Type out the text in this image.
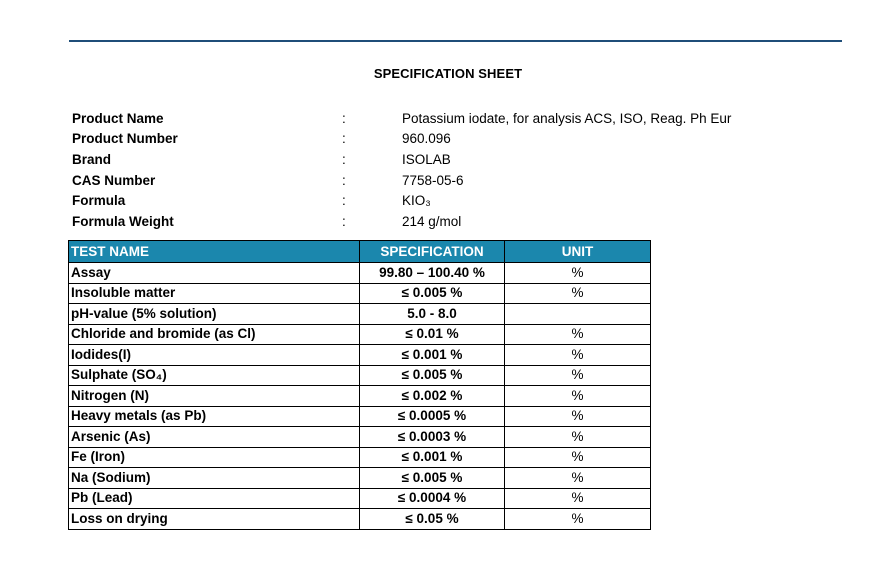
SPECIFICATION SHEET
Product Name	:	Potassium iodate, for analysis ACS, ISO, Reag. Ph Eur
Product Number	:	960.096
Brand	:	ISOLAB
CAS Number	:	7758-05-6
Formula	:	KIO₃
Formula Weight	:	214 g/mol
TEST NAME	SPECIFICATION	UNIT
Assay	99.80 – 100.40 %	%
Insoluble matter	≤ 0.005 %	%
pH-value (5% solution)	5.0 - 8.0	
Chloride and bromide (as Cl)	≤ 0.01 %	%
Iodides(I)	≤ 0.001 %	%
Sulphate (SO₄)	≤ 0.005 %	%
Nitrogen (N)	≤ 0.002 %	%
Heavy metals (as Pb)	≤ 0.0005 %	%
Arsenic (As)	≤ 0.0003 %	%
Fe (Iron)	≤ 0.001 %	%
Na (Sodium)	≤ 0.005 %	%
Pb (Lead)	≤ 0.0004 %	%
Loss on drying	≤ 0.05 %	%
